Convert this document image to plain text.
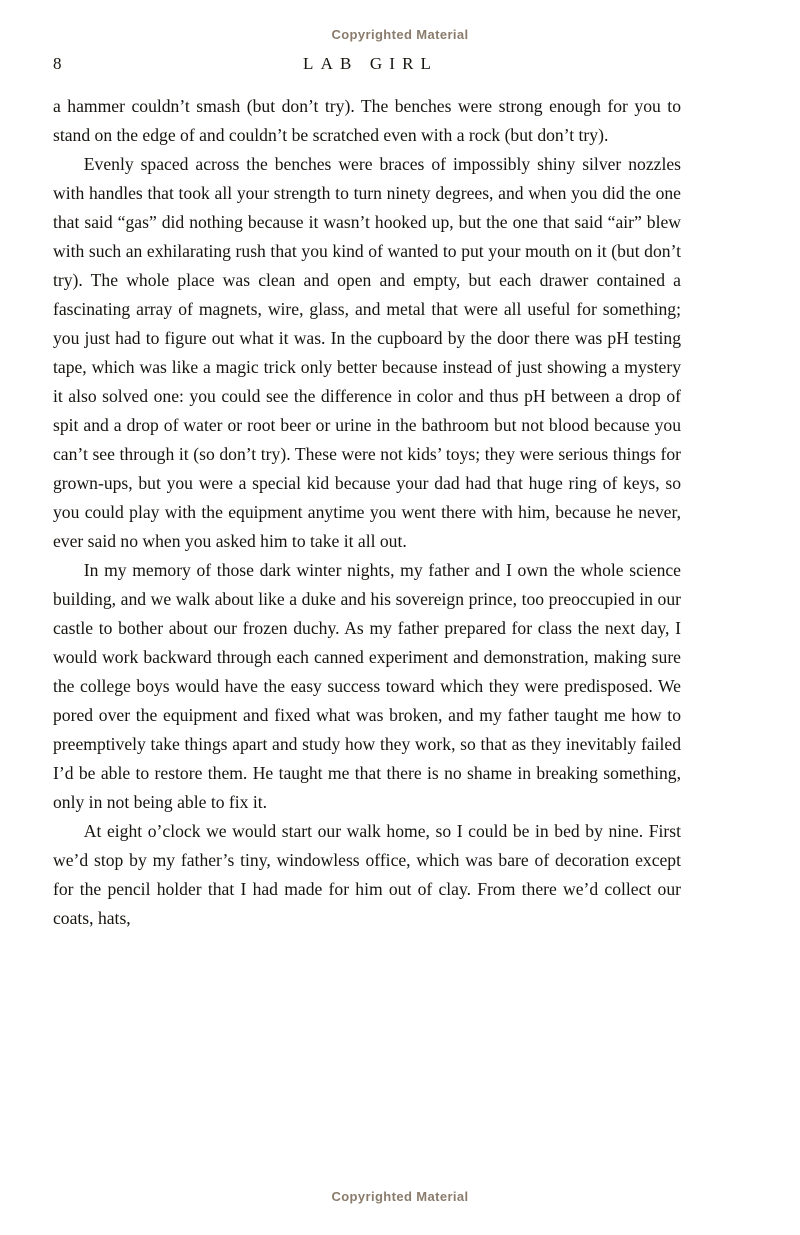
Copyrighted Material
8	LAB GIRL

a hammer couldn’t smash (but don’t try). The benches were strong enough for you to stand on the edge of and couldn’t be scratched even with a rock (but don’t try).

Evenly spaced across the benches were braces of impossibly shiny silver nozzles with handles that took all your strength to turn ninety degrees, and when you did the one that said “gas” did nothing because it wasn’t hooked up, but the one that said “air” blew with such an exhilarating rush that you kind of wanted to put your mouth on it (but don’t try). The whole place was clean and open and empty, but each drawer contained a fascinating array of magnets, wire, glass, and metal that were all useful for something; you just had to figure out what it was. In the cupboard by the door there was pH testing tape, which was like a magic trick only better because instead of just showing a mystery it also solved one: you could see the difference in color and thus pH between a drop of spit and a drop of water or root beer or urine in the bathroom but not blood because you can’t see through it (so don’t try). These were not kids’ toys; they were serious things for grown-ups, but you were a special kid because your dad had that huge ring of keys, so you could play with the equipment anytime you went there with him, because he never, ever said no when you asked him to take it all out.

In my memory of those dark winter nights, my father and I own the whole science building, and we walk about like a duke and his sovereign prince, too preoccupied in our castle to bother about our frozen duchy. As my father prepared for class the next day, I would work backward through each canned experiment and demonstration, making sure the college boys would have the easy success toward which they were predisposed. We pored over the equipment and fixed what was broken, and my father taught me how to preemptively take things apart and study how they work, so that as they inevitably failed I’d be able to restore them. He taught me that there is no shame in breaking something, only in not being able to fix it.

At eight o’clock we would start our walk home, so I could be in bed by nine. First we’d stop by my father’s tiny, windowless office, which was bare of decoration except for the pencil holder that I had made for him out of clay. From there we’d collect our coats, hats,

Copyrighted Material
